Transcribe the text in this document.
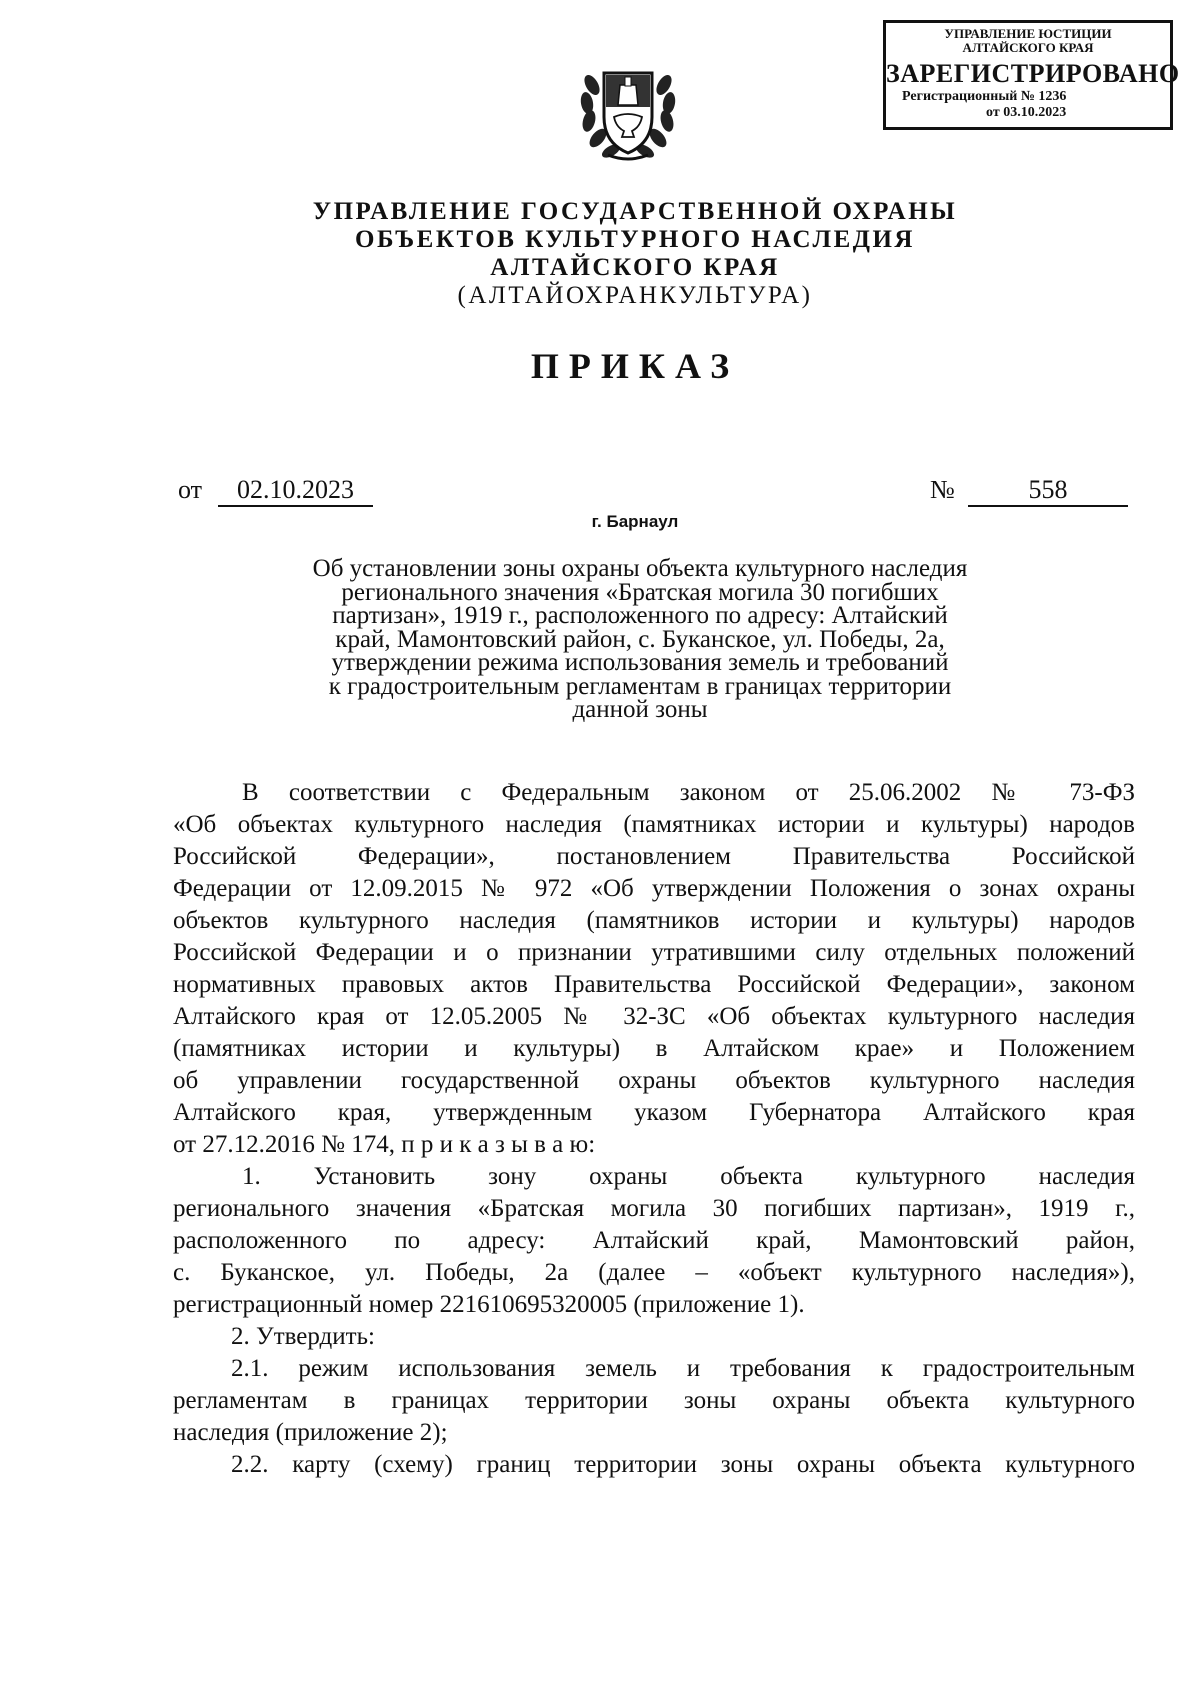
УПРАВЛЕНИЕ ЮСТИЦИИ
АЛТАЙСКОГО КРАЯ
ЗАРЕГИСТРИРОВАНО
Регистрационный № 1236
от 03.10.2023
УПРАВЛЕНИЕ ГОСУДАРСТВЕННОЙ ОХРАНЫ
ОБЪЕКТОВ КУЛЬТУРНОГО НАСЛЕДИЯ
АЛТАЙСКОГО КРАЯ
(АЛТАЙОХРАНКУЛЬТУРА)
ПРИКАЗ
от	02.10.2023	№	558
г. Барнаул
Об установлении зоны охраны объекта культурного наследия
регионального значения «Братская могила 30 погибших
партизан», 1919 г., расположенного по адресу: Алтайский
край, Мамонтовский район, с. Буканское, ул. Победы, 2а,
утверждении режима использования земель и требований
к градостроительным регламентам в границах территории
данной зоны
В соответствии с Федеральным законом от 25.06.2002 № 73-ФЗ
«Об объектах культурного наследия (памятниках истории и культуры) народов
Российской Федерации», постановлением Правительства Российской
Федерации от 12.09.2015 № 972 «Об утверждении Положения о зонах охраны
объектов культурного наследия (памятников истории и культуры) народов
Российской Федерации и о признании утратившими силу отдельных положений
нормативных правовых актов Правительства Российской Федерации», законом
Алтайского края от 12.05.2005 № 32-ЗС «Об объектах культурного наследия
(памятниках истории и культуры) в Алтайском крае» и Положением
об управлении государственной охраны объектов культурного наследия
Алтайского края, утвержденным указом Губернатора Алтайского края
от 27.12.2016 № 174, п р и к а з ы в а ю:
1. Установить зону охраны объекта культурного наследия
регионального значения «Братская могила 30 погибших партизан», 1919 г.,
расположенного по адресу: Алтайский край, Мамонтовский район,
с. Буканское, ул. Победы, 2а (далее – «объект культурного наследия»),
регистрационный номер 221610695320005 (приложение 1).
2. Утвердить:
2.1. режим использования земель и требования к градостроительным
регламентам в границах территории зоны охраны объекта культурного
наследия (приложение 2);
2.2. карту (схему) границ территории зоны охраны объекта культурного
